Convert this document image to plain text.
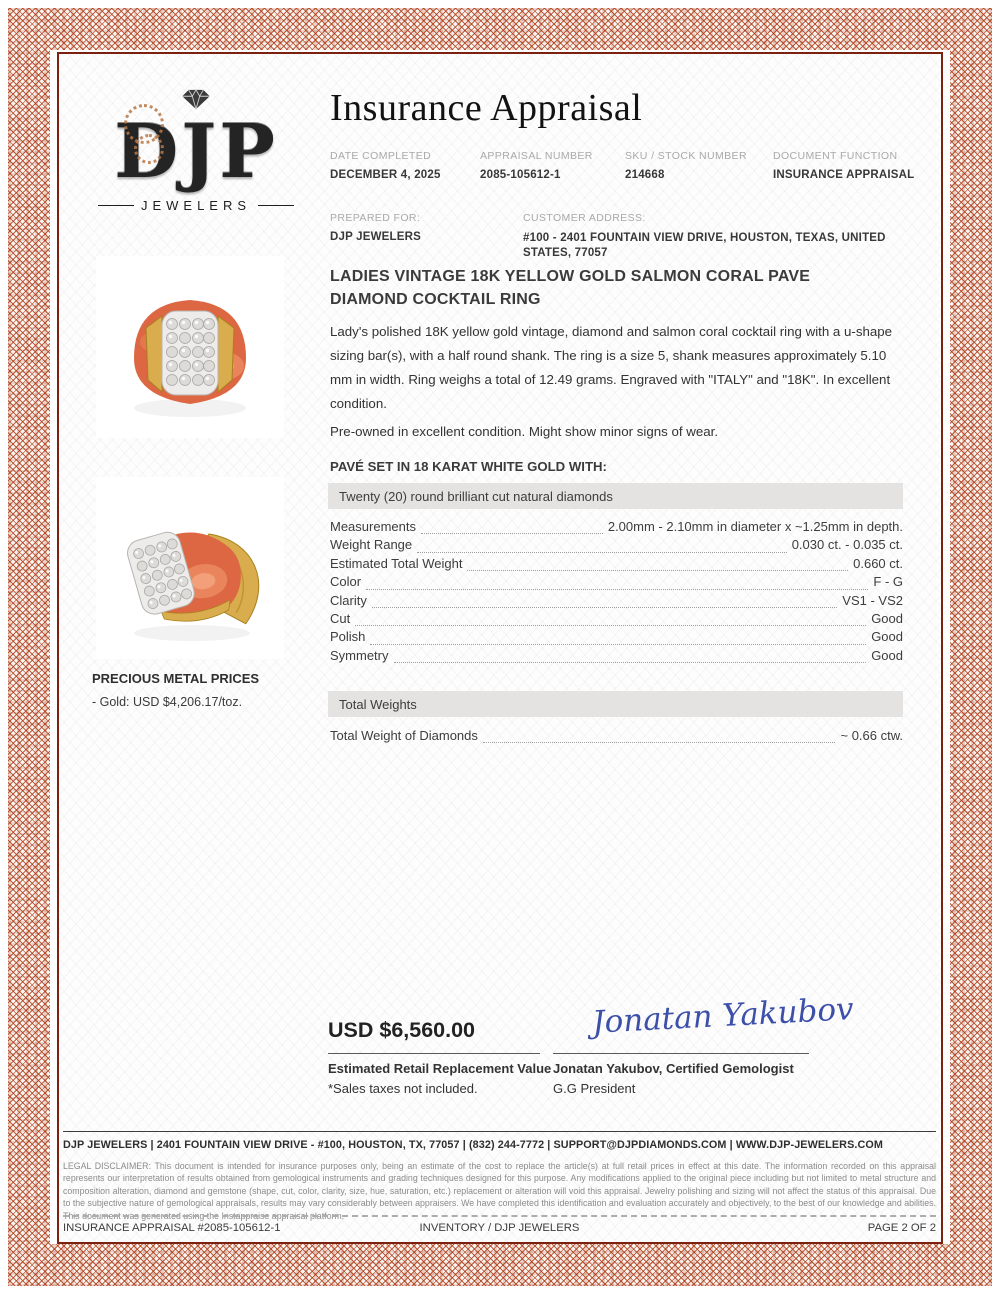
DJP
JEWELERS
Insurance Appraisal
DATE COMPLETED
DECEMBER 4, 2025
APPRAISAL NUMBER
2085-105612-1
SKU / STOCK NUMBER
214668
DOCUMENT FUNCTION
INSURANCE APPRAISAL
PREPARED FOR:
DJP JEWELERS
CUSTOMER ADDRESS:
#100 - 2401 FOUNTAIN VIEW DRIVE, HOUSTON, TEXAS, UNITED STATES, 77057
PRECIOUS METAL PRICES
- Gold: USD $4,206.17/toz.
LADIES VINTAGE 18K YELLOW GOLD SALMON CORAL PAVE DIAMOND COCKTAIL RING
Lady's polished 18K yellow gold vintage, diamond and salmon coral cocktail ring with a u-shape sizing bar(s), with a half round shank. The ring is a size 5, shank measures approximately 5.10 mm in width. Ring weighs a total of 12.49 grams. Engraved with "ITALY" and "18K". In excellent condition.
Pre-owned in excellent condition. Might show minor signs of wear.
PAVÉ SET IN 18 KARAT WHITE GOLD WITH:
Twenty (20) round brilliant cut natural diamonds
Measurements	2.00mm - 2.10mm in diameter x ~1.25mm in depth.
Weight Range	0.030 ct. - 0.035 ct.
Estimated Total Weight	0.660 ct.
Color	F - G
Clarity	VS1 - VS2
Cut	Good
Polish	Good
Symmetry	Good
Total Weights
Total Weight of Diamonds	~ 0.66 ctw.
USD $6,560.00
Estimated Retail Replacement Value
*Sales taxes not included.
Jonatan Yakubov
Jonatan Yakubov, Certified Gemologist
G.G President
DJP JEWELERS | 2401 FOUNTAIN VIEW DRIVE - #100, HOUSTON, TX, 77057 | (832) 244-7772 | SUPPORT@DJPDIAMONDS.COM | WWW.DJP-JEWELERS.COM
LEGAL DISCLAIMER: This document is intended for insurance purposes only, being an estimate of the cost to replace the article(s) at full retail prices in effect at this date. The information recorded on this appraisal represents our interpretation of results obtained from gemological instruments and grading techniques designed for this purpose. Any modifications applied to the original piece including but not limited to metal structure and composition alteration, diamond and gemstone (shape, cut, color, clarity, size, hue, saturation, etc.) replacement or alteration will void this appraisal. Jewelry polishing and sizing will not affect the status of this appraisal. Due to the subjective nature of gemological appraisals, results may vary considerably between appraisers. We have completed this identification and evaluation accurately and objectively, to the best of our knowledge and abilities. This document was generated using the Instappraise appraisal platform.
INSURANCE APPRAISAL #2085-105612-1	INVENTORY / DJP JEWELERS	PAGE 2 OF 2
